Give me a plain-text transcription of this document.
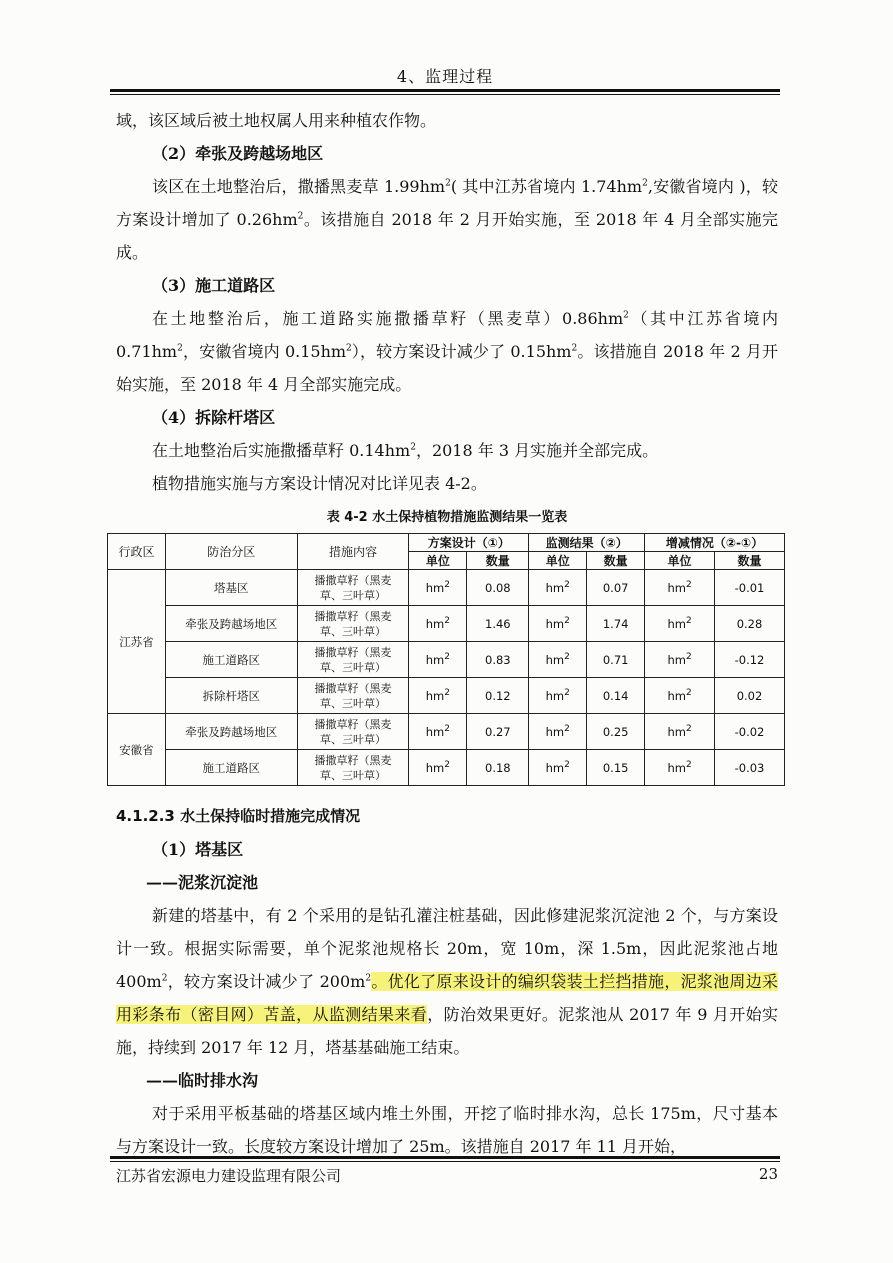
4、监理过程

域，该区域后被土地权属人用来种植农作物。

（2）牵张及跨越场地区

该区在土地整治后，撒播黑麦草 $1.99hm^2$( 其中江苏省境内 $1.74hm^2$,安徽省境内 )，较方案设计增加了 $0.26hm^2$。该措施自 2018 年 2 月开始实施，至 2018 年 4 月全部实施完成。

（3）施工道路区

在土地整治后，施工道路实施撒播草籽（黑麦草）$0.86hm^2$（其中江苏省境内 $0.71hm^2$，安徽省境内 $0.15hm^2$），较方案设计减少了 $0.15hm^2$。该措施自 2018 年 2 月开始实施，至 2018 年 4 月全部实施完成。

（4）拆除杆塔区

在土地整治后实施撒播草籽 $0.14hm^2$，2018 年 3 月实施并全部完成。

植物措施实施与方案设计情况对比详见表 4-2。

表 4-2 水土保持植物措施监测结果一览表
行政区	防治分区	措施内容	方案设计（①）		监测结果（②）		增减情况（②-①）	
			单位	数量	单位	数量	单位	数量
江苏省	塔基区	播撒草籽（黑麦
草、三叶草）	$hm^2$	0.08	$hm^2$	0.07	$hm^2$	-0.01
	牵张及跨越场地区	播撒草籽（黑麦
草、三叶草）	$hm^2$	1.46	$hm^2$	1.74	$hm^2$	0.28
	施工道路区	播撒草籽（黑麦
草、三叶草）	$hm^2$	0.83	$hm^2$	0.71	$hm^2$	-0.12
	拆除杆塔区	播撒草籽（黑麦
草、三叶草）	$hm^2$	0.12	$hm^2$	0.14	$hm^2$	0.02
安徽省	牵张及跨越场地区	播撒草籽（黑麦
草、三叶草）	$hm^2$	0.27	$hm^2$	0.25	$hm^2$	-0.02
	施工道路区	播撒草籽（黑麦
草、三叶草）	$hm^2$	0.18	$hm^2$	0.15	$hm^2$	-0.03

4.1.2.3 水土保持临时措施完成情况

（1）塔基区

——泥浆沉淀池

新建的塔基中，有 2 个采用的是钻孔灌注桩基础，因此修建泥浆沉淀池 2 个，与方案设计一致。根据实际需要，单个泥浆池规格长 20m，宽 10m，深 1.5m，因此泥浆池占地 $400m^2$，较方案设计减少了 $200m^2$。优化了原来设计的编织袋装土拦挡措施，泥浆池周边采用彩条布（密目网）苫盖，从监测结果来看，防治效果更好。泥浆池从 2017 年 9 月开始实施，持续到 2017 年 12 月，塔基基础施工结束。

——临时排水沟

对于采用平板基础的塔基区域内堆土外围，开挖了临时排水沟，总长 175m，尺寸基本与方案设计一致。长度较方案设计增加了 25m。该措施自 2017 年 11 月开始，

江苏省宏源电力建设监理有限公司	23
